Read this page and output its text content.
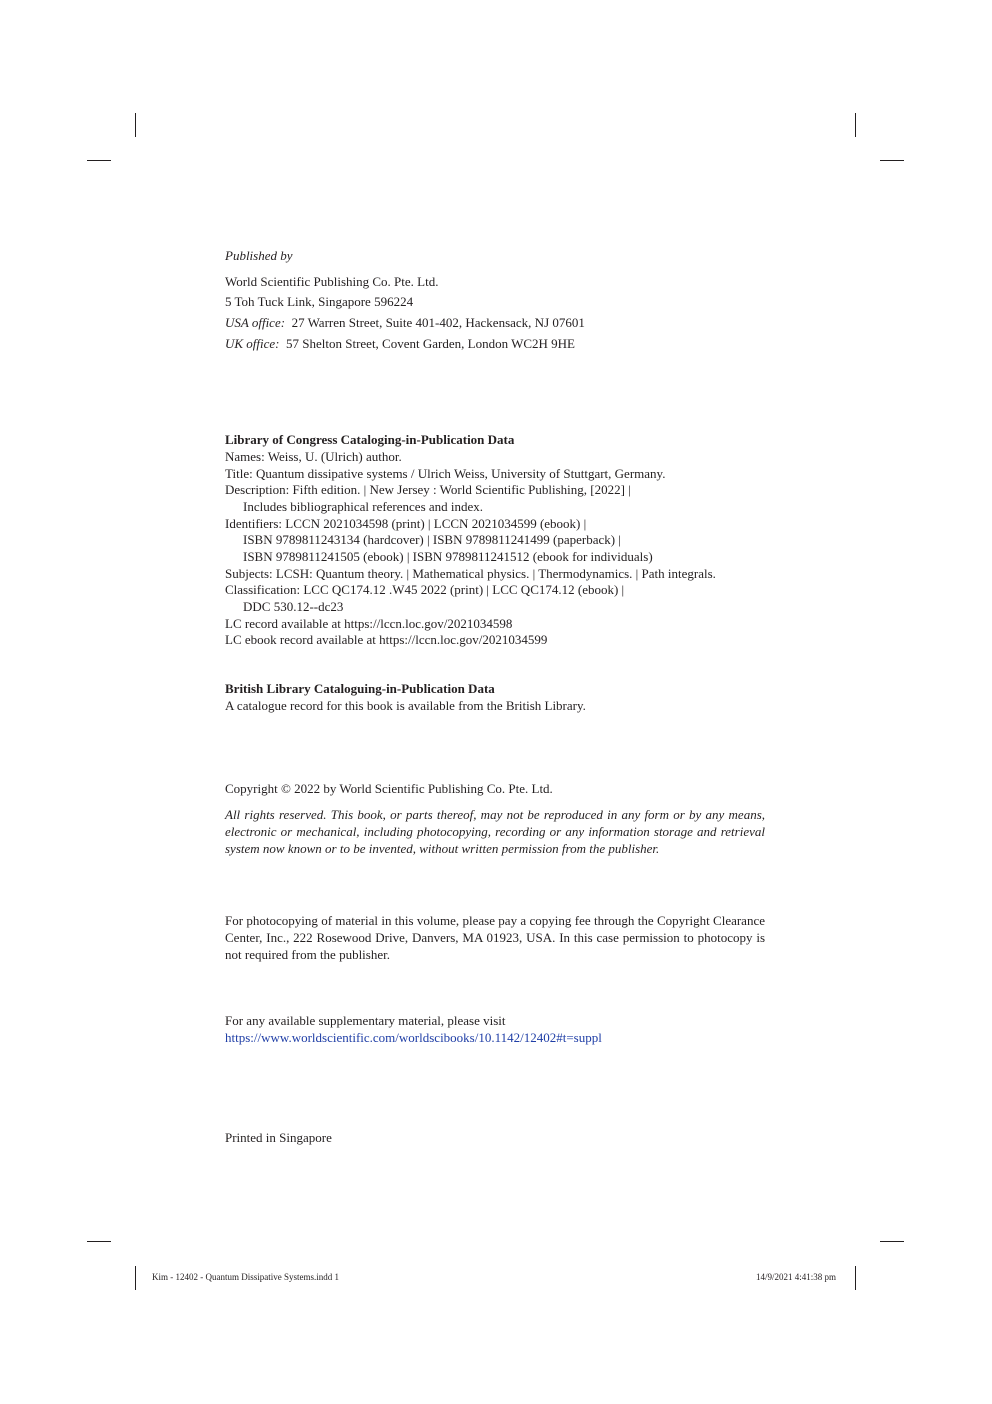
Published by
World Scientific Publishing Co. Pte. Ltd.
5 Toh Tuck Link, Singapore 596224
USA office: 27 Warren Street, Suite 401-402, Hackensack, NJ 07601
UK office: 57 Shelton Street, Covent Garden, London WC2H 9HE
Library of Congress Cataloging-in-Publication Data
Names: Weiss, U. (Ulrich) author.
Title: Quantum dissipative systems / Ulrich Weiss, University of Stuttgart, Germany.
Description: Fifth edition. | New Jersey : World Scientific Publishing, [2022] |
Includes bibliographical references and index.
Identifiers: LCCN 2021034598 (print) | LCCN 2021034599 (ebook) |
ISBN 9789811243134 (hardcover) | ISBN 9789811241499 (paperback) |
ISBN 9789811241505 (ebook) | ISBN 9789811241512 (ebook for individuals)
Subjects: LCSH: Quantum theory. | Mathematical physics. | Thermodynamics. | Path integrals.
Classification: LCC QC174.12 .W45 2022 (print) | LCC QC174.12 (ebook) |
DDC 530.12--dc23
LC record available at https://lccn.loc.gov/2021034598
LC ebook record available at https://lccn.loc.gov/2021034599
British Library Cataloguing-in-Publication Data
A catalogue record for this book is available from the British Library.
Copyright © 2022 by World Scientific Publishing Co. Pte. Ltd.
All rights reserved. This book, or parts thereof, may not be reproduced in any form or by any means, electronic or mechanical, including photocopying, recording or any information storage and retrieval system now known or to be invented, without written permission from the publisher.
For photocopying of material in this volume, please pay a copying fee through the Copyright Clearance Center, Inc., 222 Rosewood Drive, Danvers, MA 01923, USA. In this case permission to photocopy is not required from the publisher.
For any available supplementary material, please visit
https://www.worldscientific.com/worldscibooks/10.1142/12402#t=suppl
Printed in Singapore
Kim - 12402 - Quantum Dissipative Systems.indd 1	14/9/2021 4:41:38 pm
